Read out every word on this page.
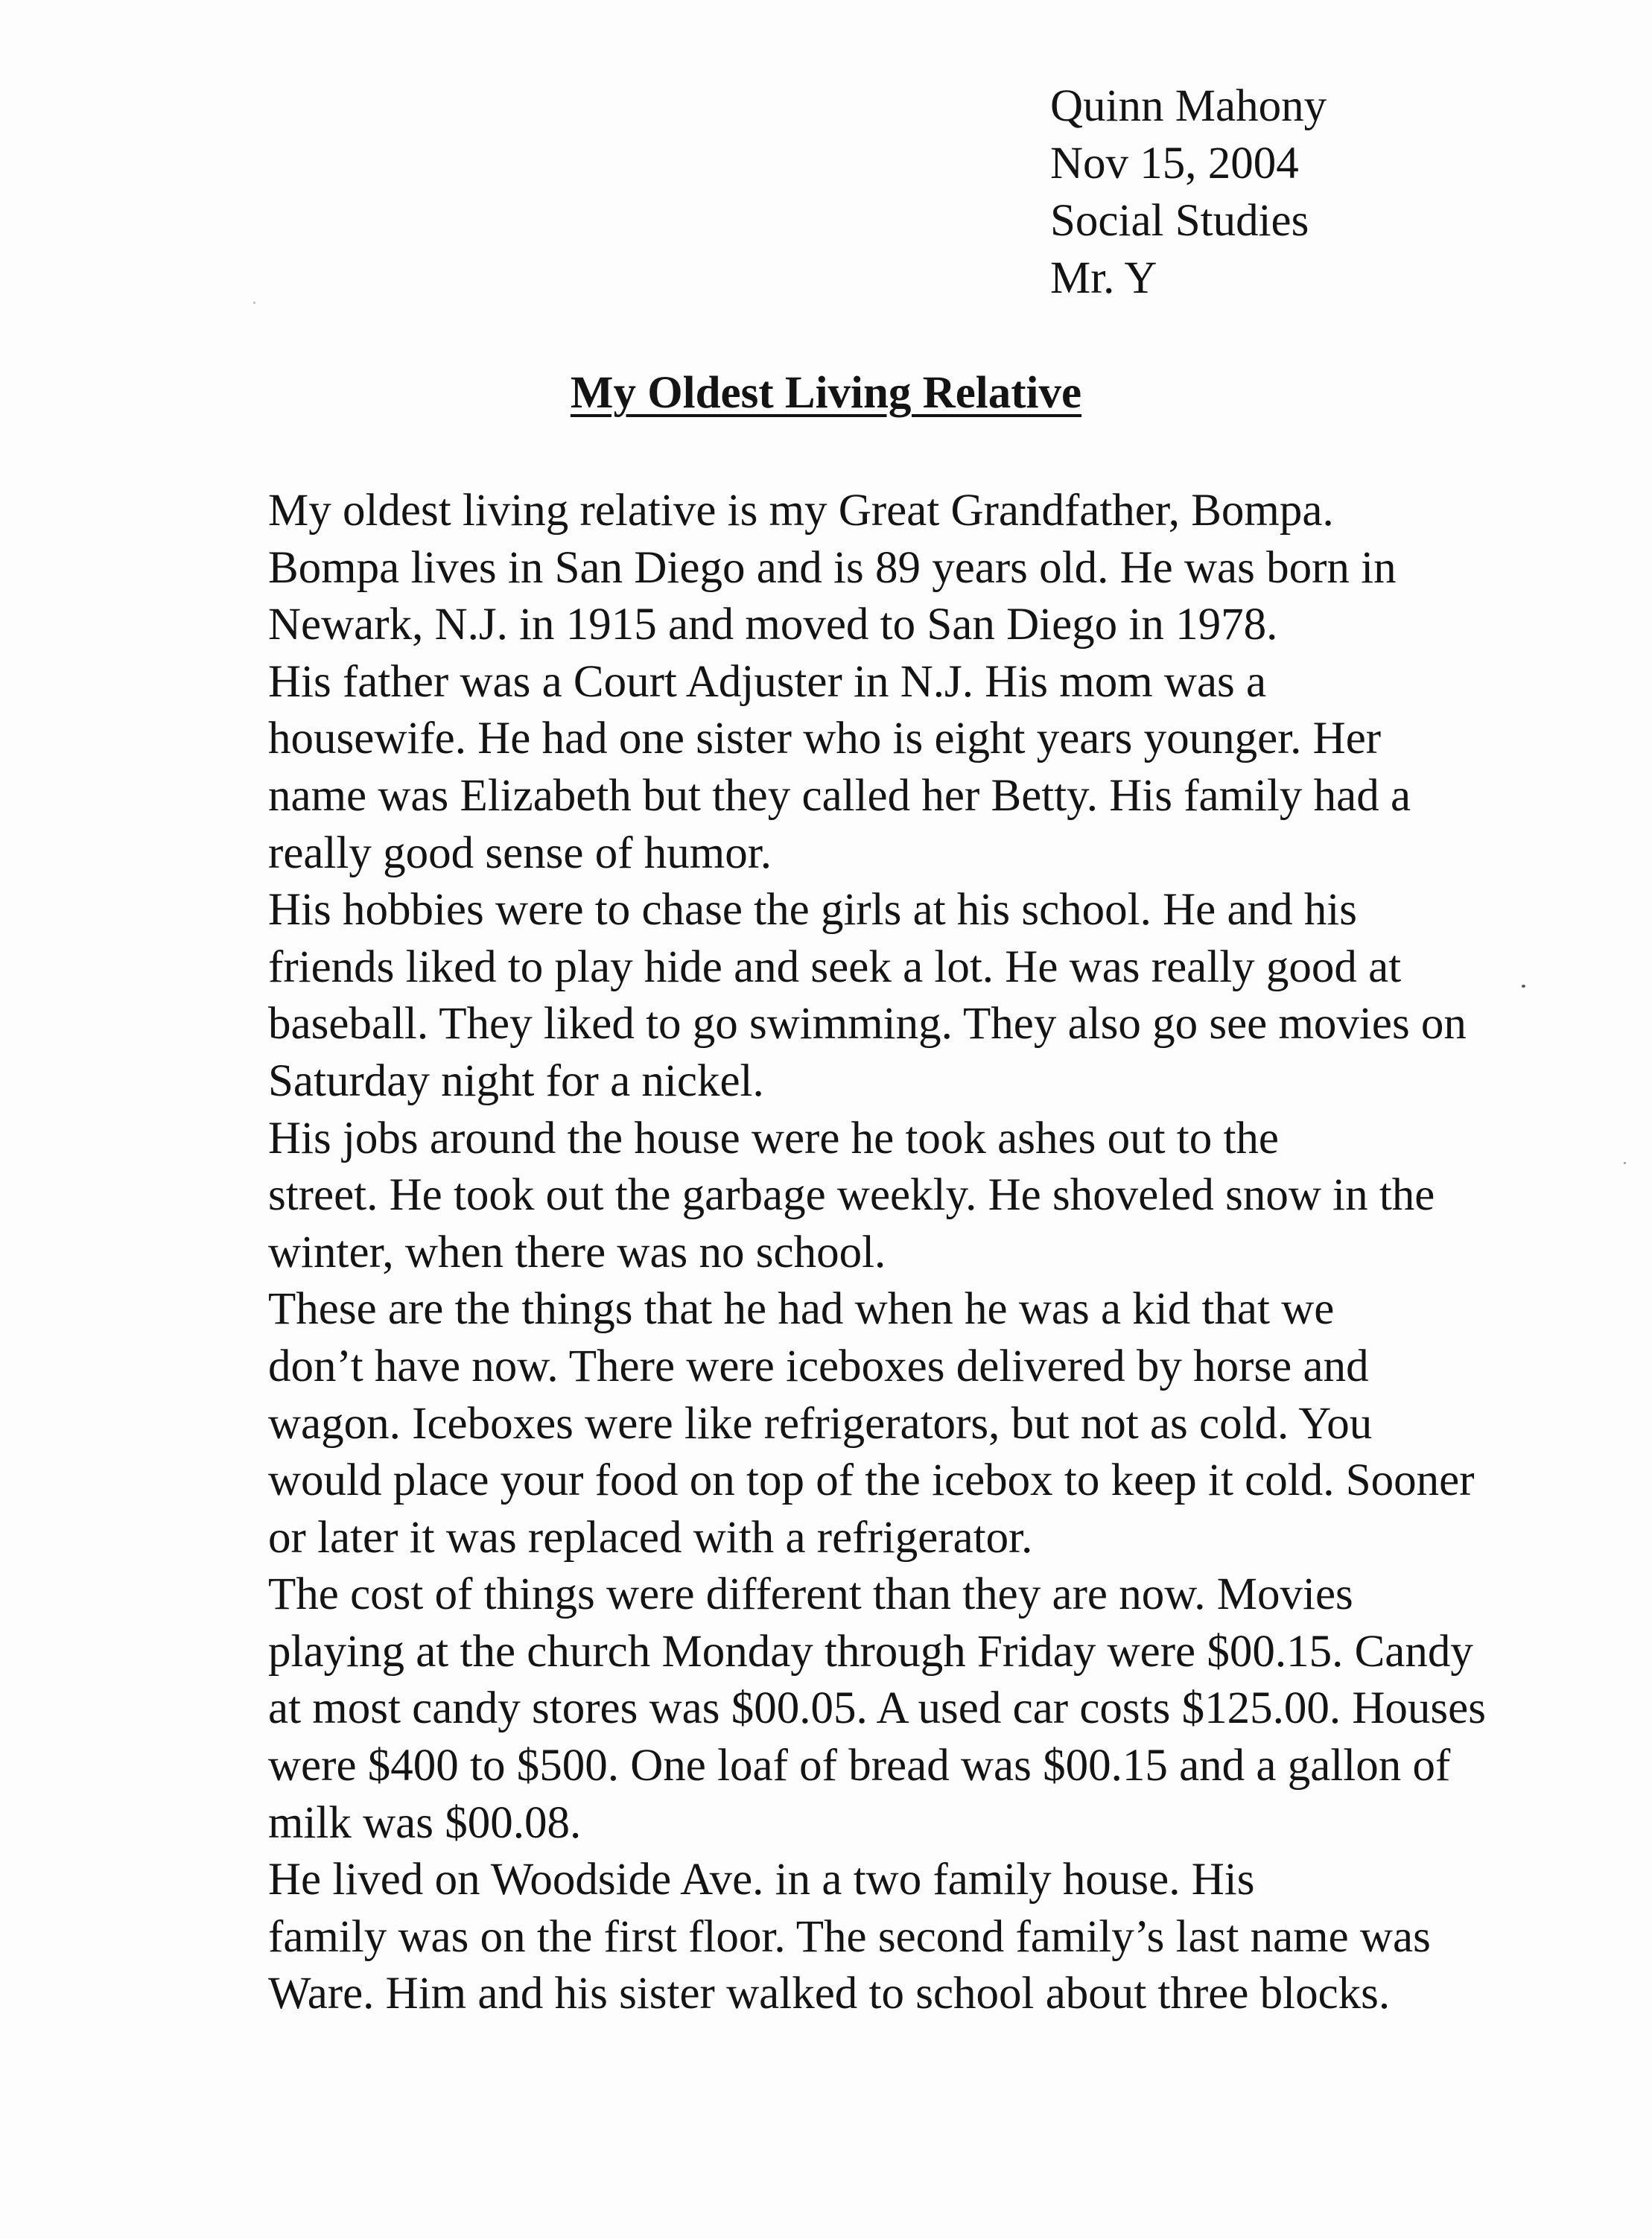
Quinn Mahony
Nov 15, 2004
Social Studies
Mr. Y
My Oldest Living Relative

My oldest living relative is my Great Grandfather, Bompa.
Bompa lives in San Diego and is 89 years old. He was born in
Newark, N.J. in 1915 and moved to San Diego in 1978.

His father was a Court Adjuster in N.J. His mom was a
housewife. He had one sister who is eight years younger. Her
name was Elizabeth but they called her Betty. His family had a
really good sense of humor.

His hobbies were to chase the girls at his school. He and his
friends liked to play hide and seek a lot. He was really good at
baseball. They liked to go swimming. They also go see movies on
Saturday night for a nickel.

His jobs around the house were he took ashes out to the
street. He took out the garbage weekly. He shoveled snow in the
winter, when there was no school.

These are the things that he had when he was a kid that we
don’t have now. There were iceboxes delivered by horse and
wagon. Iceboxes were like refrigerators, but not as cold. You
would place your food on top of the icebox to keep it cold. Sooner
or later it was replaced with a refrigerator.

The cost of things were different than they are now. Movies
playing at the church Monday through Friday were $00.15. Candy
at most candy stores was $00.05. A used car costs $125.00. Houses
were $400 to $500. One loaf of bread was $00.15 and a gallon of
milk was $00.08.

He lived on Woodside Ave. in a two family house. His
family was on the first floor. The second family’s last name was
Ware. Him and his sister walked to school about three blocks.
